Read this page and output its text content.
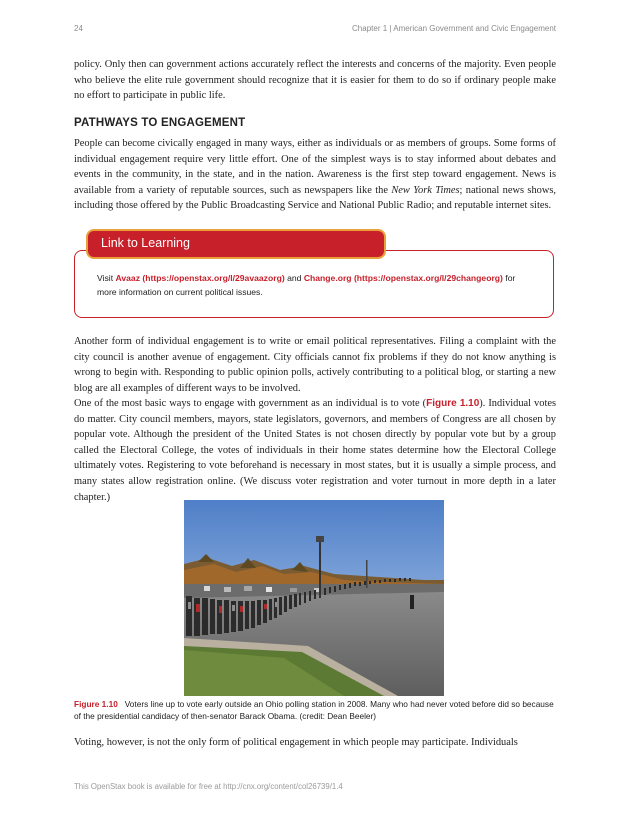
24	Chapter 1 | American Government and Civic Engagement

policy. Only then can government actions accurately reflect the interests and concerns of the majority. Even people who believe the elite rule government should recognize that it is easier for them to do so if ordinary people make no effort to participate in public life.

PATHWAYS TO ENGAGEMENT

People can become civically engaged in many ways, either as individuals or as members of groups. Some forms of individual engagement require very little effort. One of the simplest ways is to stay informed about debates and events in the community, in the state, and in the nation. Awareness is the first step toward engagement. News is available from a variety of reputable sources, such as newspapers like the New York Times; national news shows, including those offered by the Public Broadcasting Service and National Public Radio; and reputable internet sites.

Link to Learning

Visit Avaaz (https://openstax.org/l/29avaazorg) and Change.org (https://openstax.org/l/29changeorg) for more information on current political issues.

Another form of individual engagement is to write or email political representatives. Filing a complaint with the city council is another avenue of engagement. City officials cannot fix problems if they do not know anything is wrong to begin with. Responding to public opinion polls, actively contributing to a political blog, or starting a new blog are all examples of different ways to be involved.

One of the most basic ways to engage with government as an individual is to vote (Figure 1.10). Individual votes do matter. City council members, mayors, state legislators, governors, and members of Congress are all chosen by popular vote. Although the president of the United States is not chosen directly by popular vote but by a group called the Electoral College, the votes of individuals in their home states determine how the Electoral College ultimately votes. Registering to vote beforehand is necessary in most states, but it is usually a simple process, and many states allow registration online. (We discuss voter registration and voter turnout in more depth in a later chapter.)

Figure 1.10 Voters line up to vote early outside an Ohio polling station in 2008. Many who had never voted before did so because of the presidential candidacy of then-senator Barack Obama. (credit: Dean Beeler)

Voting, however, is not the only form of political engagement in which people may participate. Individuals

This OpenStax book is available for free at http://cnx.org/content/col26739/1.4
